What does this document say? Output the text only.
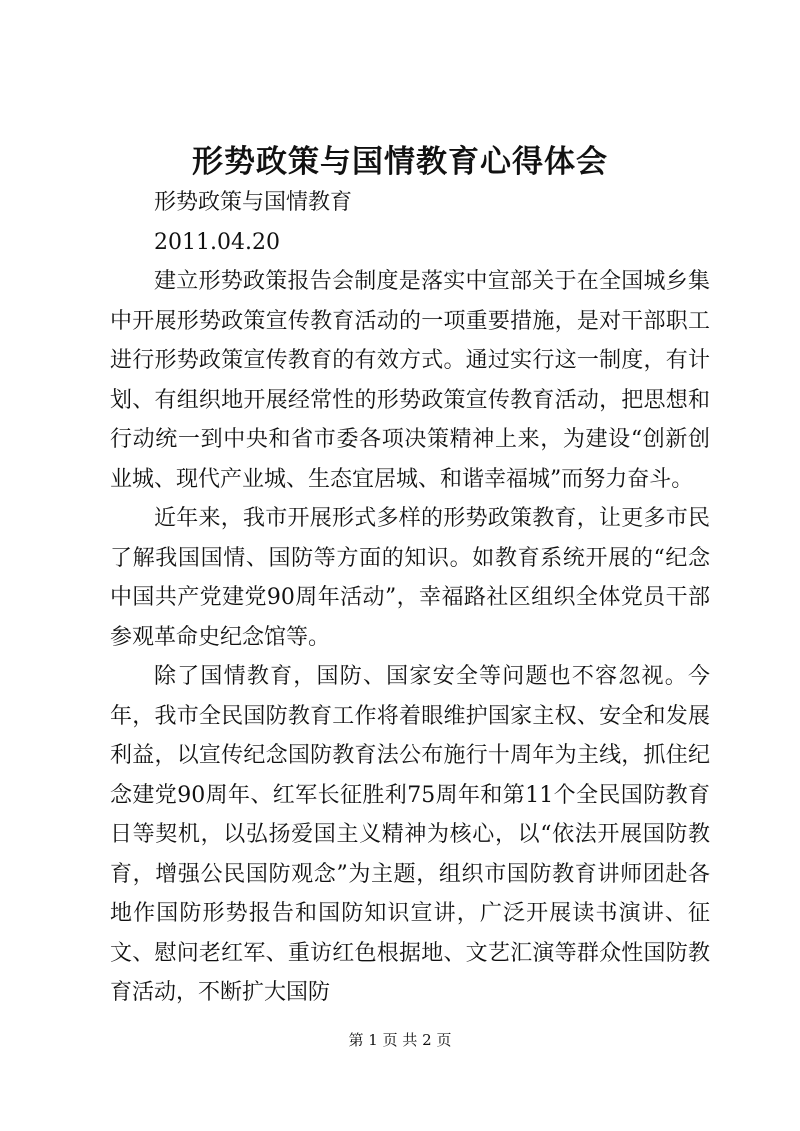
形势政策与国情教育心得体会

形势政策与国情教育

2011.04.20

建立形势政策报告会制度是落实中宣部关于在全国城乡集中开展形势政策宣传教育活动的一项重要措施，是对干部职工进行形势政策宣传教育的有效方式。通过实行这一制度，有计划、有组织地开展经常性的形势政策宣传教育活动，把思想和行动统一到中央和省市委各项决策精神上来，为建设“创新创业城、现代产业城、生态宜居城、和谐幸福城”而努力奋斗。

近年来，我市开展形式多样的形势政策教育，让更多市民了解我国国情、国防等方面的知识。如教育系统开展的“纪念中国共产党建党90周年活动”，幸福路社区组织全体党员干部参观革命史纪念馆等。

除了国情教育，国防、国家安全等问题也不容忽视。今年，我市全民国防教育工作将着眼维护国家主权、安全和发展利益，以宣传纪念国防教育法公布施行十周年为主线，抓住纪念建党90周年、红军长征胜利75周年和第11个全民国防教育日等契机，以弘扬爱国主义精神为核心，以“依法开展国防教育，增强公民国防观念”为主题，组织市国防教育讲师团赴各地作国防形势报告和国防知识宣讲，广泛开展读书演讲、征文、慰问老红军、重访红色根据地、文艺汇演等群众性国防教育活动，不断扩大国防

第 1 页 共 2 页
